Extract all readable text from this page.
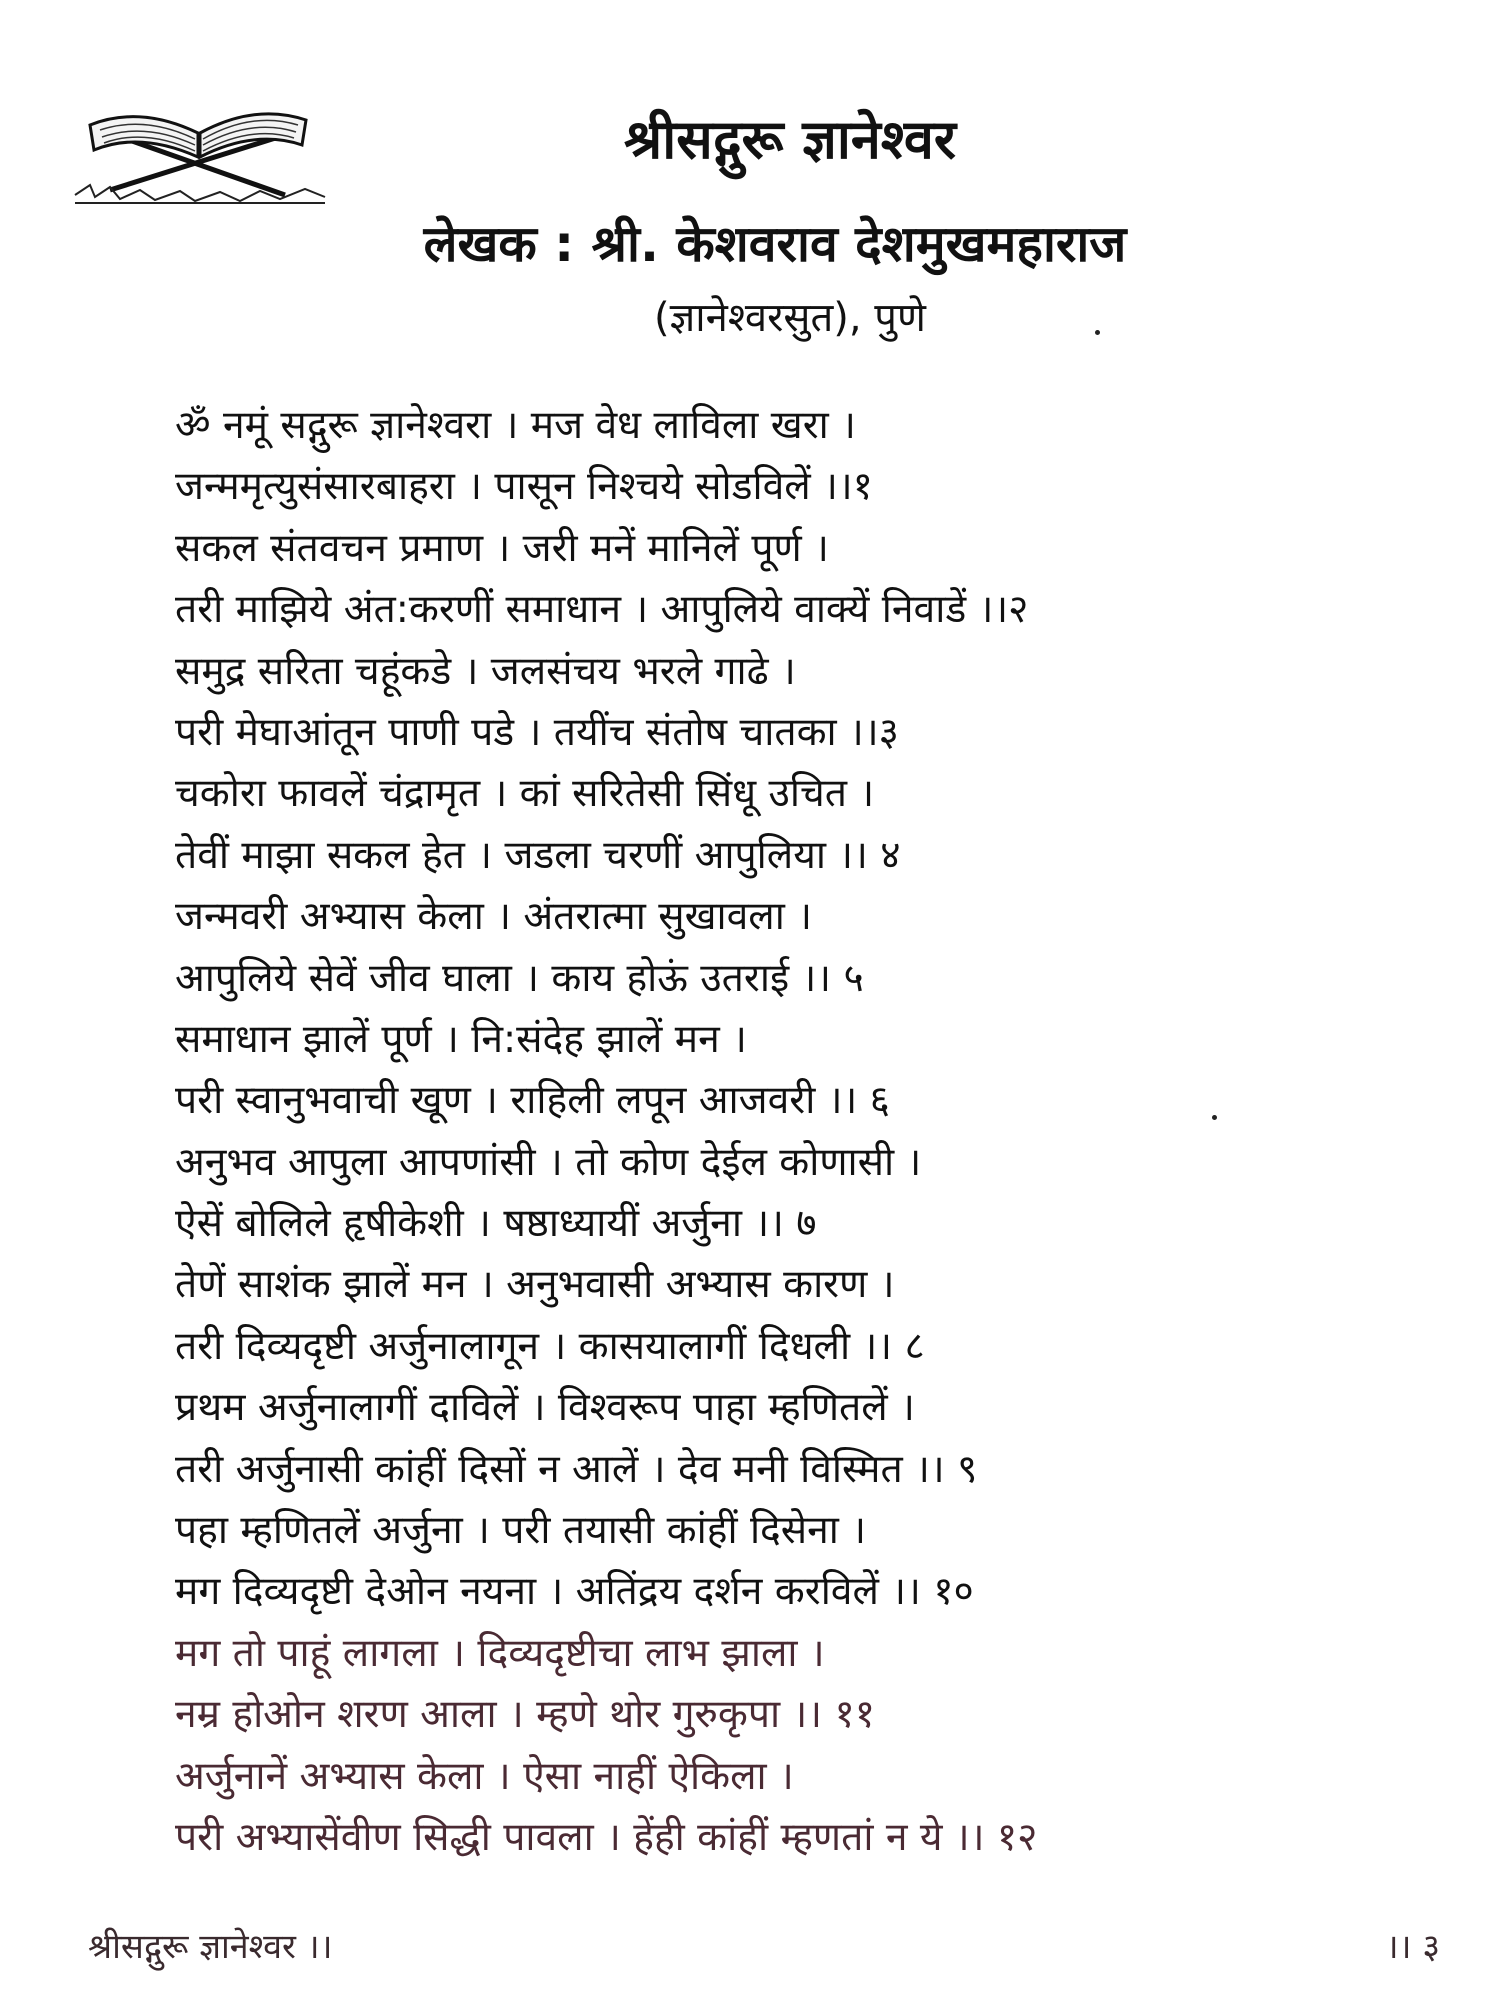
श्रीसद्गुरू ज्ञानेश्वर
लेखक : श्री. केशवराव देशमुखमहाराज
(ज्ञानेश्वरसुत), पुणे
ॐ नमूं सद्गुरू ज्ञानेश्वरा । मज वेध लाविला खरा ।
जन्ममृत्युसंसारबाहरा । पासून निश्चये सोडविलें ।।१
सकल संतवचन प्रमाण । जरी मनें मानिलें पूर्ण ।
तरी माझिये अंत:करणीं समाधान । आपुलिये वाक्यें निवाडें ।।२
समुद्र सरिता चहूंकडे । जलसंचय भरले गाढे ।
परी मेघाआंतून पाणी पडे । तयींच संतोष चातका ।।३
चकोरा फावलें चंद्रामृत । कां सरितेसी सिंधू उचित ।
तेवीं माझा सकल हेत । जडला चरणीं आपुलिया ।। ४
जन्मवरी अभ्यास केला । अंतरात्मा सुखावला ।
आपुलिये सेवें जीव घाला । काय होऊं उतराई ।। ५
समाधान झालें पूर्ण । नि:संदेह झालें मन ।
परी स्वानुभवाची खूण । राहिली लपून आजवरी ।। ६
अनुभव आपुला आपणांसी । तो कोण देईल कोणासी ।
ऐसें बोलिले हृषीकेशी । षष्ठाध्यायीं अर्जुना ।। ७
तेणें साशंक झालें मन । अनुभवासी अभ्यास कारण ।
तरी दिव्यदृष्टी अर्जुनालागून । कासयालागीं दिधली ।। ८
प्रथम अर्जुनालागीं दाविलें । विश्वरूप पाहा म्हणितलें ।
तरी अर्जुनासी कांहीं दिसों न आलें । देव मनी विस्मित ।। ९
पहा म्हणितलें अर्जुना । परी तयासी कांहीं दिसेना ।
मग दिव्यदृष्टी देओन नयना । अतिंद्रय दर्शन करविलें ।। १०
मग तो पाहूं लागला । दिव्यदृष्टीचा लाभ झाला ।
नम्र होओन शरण आला । म्हणे थोर गुरुकृपा ।। ११
अर्जुनानें अभ्यास केला । ऐसा नाहीं ऐकिला ।
परी अभ्यासेंवीण सिद्धी पावला । हेंही कांहीं म्हणतां न ये ।। १२
श्रीसद्गुरू ज्ञानेश्वर ।।	।। ३
